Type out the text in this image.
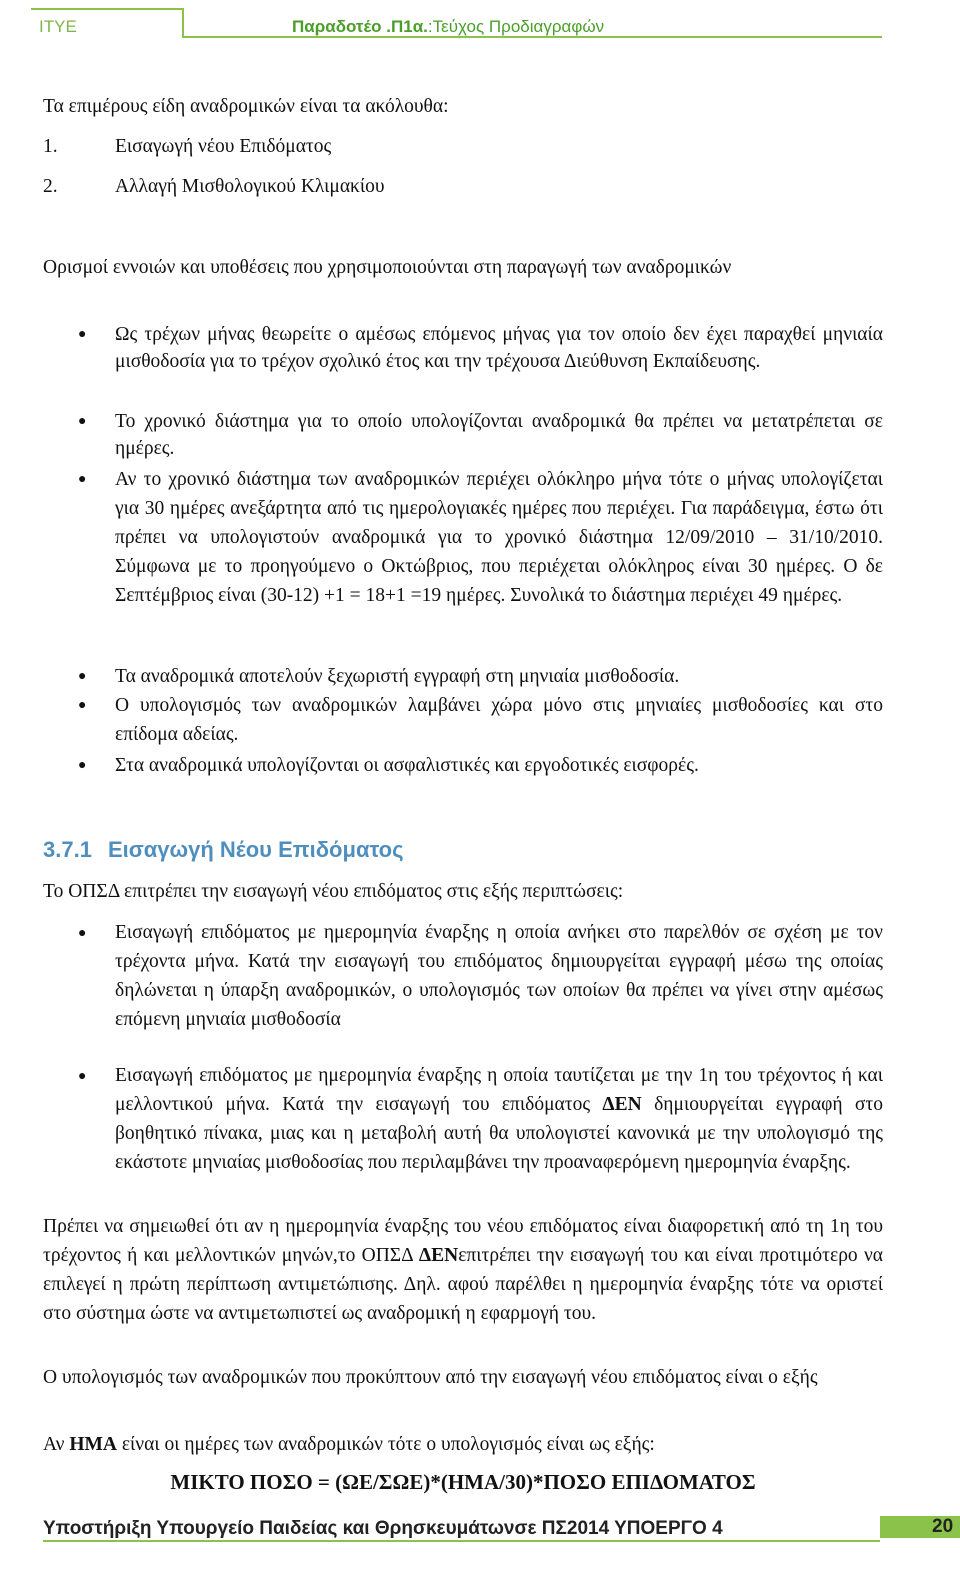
ΙΤΥΕ	Παραδοτέο .Π1α.:Τεύχος Προδιαγραφών
Τα επιμέρους είδη αναδρομικών είναι τα ακόλουθα:
1.	Εισαγωγή νέου Επιδόματος
2.	Αλλαγή Μισθολογικού Κλιμακίου
Ορισμοί εννοιών και υποθέσεις που χρησιμοποιούνται στη παραγωγή των αναδρομικών
● Ως τρέχων μήνας θεωρείτε ο αμέσως επόμενος μήνας για τον οποίο δεν έχει παραχθεί μηνιαία μισθοδοσία για το τρέχον σχολικό έτος και την τρέχουσα Διεύθυνση Εκπαίδευσης.
● Το χρονικό διάστημα για το οποίο υπολογίζονται αναδρομικά θα πρέπει να μετατρέπεται σε ημέρες.
● Αν το χρονικό διάστημα των αναδρομικών περιέχει ολόκληρο μήνα τότε ο μήνας υπολογίζεται για 30 ημέρες ανεξάρτητα από τις ημερολογιακές ημέρες που περιέχει. Για παράδειγμα, έστω ότι πρέπει να υπολογιστούν αναδρομικά για το χρονικό διάστημα 12/09/2010 – 31/10/2010. Σύμφωνα με το προηγούμενο ο Οκτώβριος, που περιέχεται ολόκληρος είναι 30 ημέρες. Ο δε Σεπτέμβριος είναι (30-12) +1 = 18+1 =19 ημέρες. Συνολικά το διάστημα περιέχει 49 ημέρες.
● Τα αναδρομικά αποτελούν ξεχωριστή εγγραφή στη μηνιαία μισθοδοσία.
● Ο υπολογισμός των αναδρομικών λαμβάνει χώρα μόνο στις μηνιαίες μισθοδοσίες και στο επίδομα αδείας.
● Στα αναδρομικά υπολογίζονται οι ασφαλιστικές και εργοδοτικές εισφορές.
3.7.1 Εισαγωγή Νέου Επιδόματος
Το ΟΠΣΔ επιτρέπει την εισαγωγή νέου επιδόματος στις εξής περιπτώσεις:
● Εισαγωγή επιδόματος με ημερομηνία έναρξης η οποία ανήκει στο παρελθόν σε σχέση με τον τρέχοντα μήνα. Κατά την εισαγωγή του επιδόματος δημιουργείται εγγραφή μέσω της οποίας δηλώνεται η ύπαρξη αναδρομικών, ο υπολογισμός των οποίων θα πρέπει να γίνει στην αμέσως επόμενη μηνιαία μισθοδοσία
● Εισαγωγή επιδόματος με ημερομηνία έναρξης η οποία ταυτίζεται με την 1η του τρέχοντος ή και μελλοντικού μήνα. Κατά την εισαγωγή του επιδόματος ΔΕΝ δημιουργείται εγγραφή στο βοηθητικό πίνακα, μιας και η μεταβολή αυτή θα υπολογιστεί κανονικά με την υπολογισμό της εκάστοτε μηνιαίας μισθοδοσίας που περιλαμβάνει την προαναφερόμενη ημερομηνία έναρξης.
Πρέπει να σημειωθεί ότι αν η ημερομηνία έναρξης του νέου επιδόματος είναι διαφορετική από τη 1η του τρέχοντος ή και μελλοντικών μηνών,το ΟΠΣΔ ΔΕΝεπιτρέπει την εισαγωγή του και είναι προτιμότερο να επιλεγεί η πρώτη περίπτωση αντιμετώπισης. Δηλ. αφού παρέλθει η ημερομηνία έναρξης τότε να οριστεί στο σύστημα ώστε να αντιμετωπιστεί ως αναδρομική η εφαρμογή του.
Ο υπολογισμός των αναδρομικών που προκύπτουν από την εισαγωγή νέου επιδόματος είναι ο εξής
Αν ΗΜΑ είναι οι ημέρες των αναδρομικών τότε ο υπολογισμός είναι ως εξής:
ΜΙΚΤΟ ΠΟΣΟ = (ΩΕ/ΣΩΕ)*(ΗΜΑ/30)*ΠΟΣΟ ΕΠΙΔΟΜΑΤΟΣ
Υποστήριξη Υπουργείο Παιδείας και Θρησκευμάτωνσε ΠΣ2014 ΥΠΟΕΡΓΟ 4	20
